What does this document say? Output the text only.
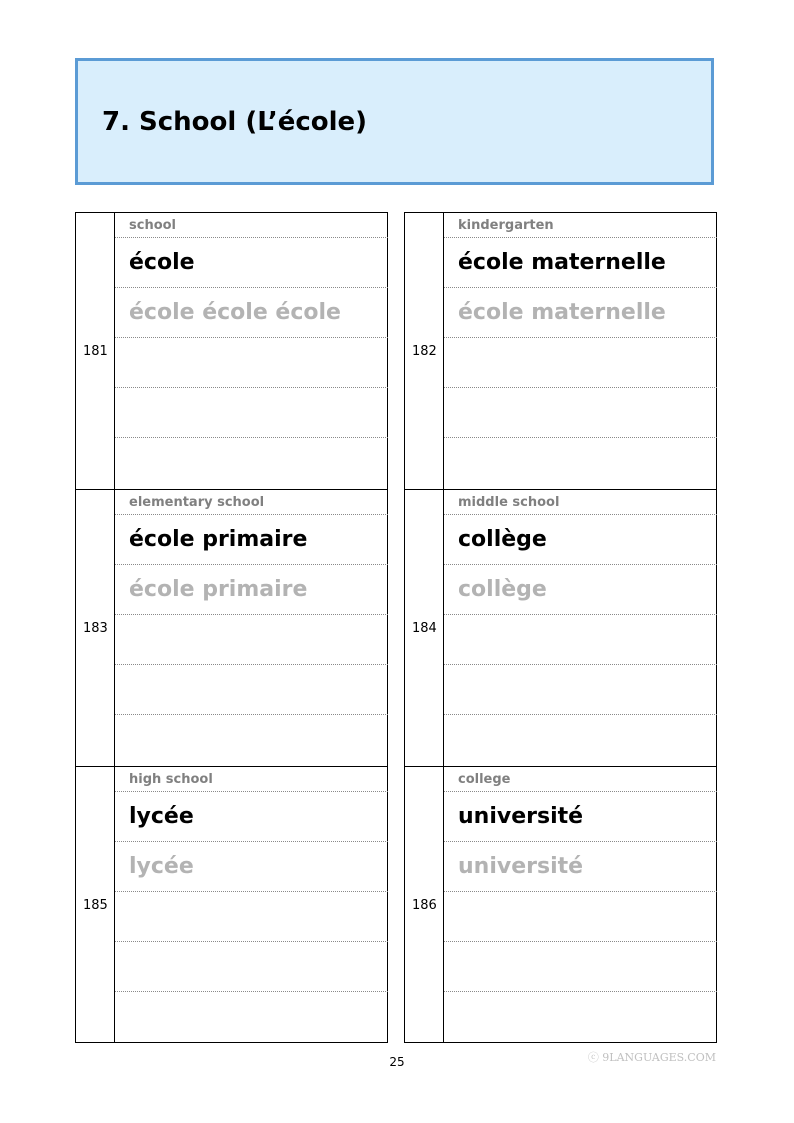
7. School (L’école)

181

school

école

école école école

182

kindergarten

école maternelle

école maternelle

183

elementary school

école primaire

école primaire

184

middle school

collège

collège

185

high school

lycée

lycée

186

college

université

université

25	ⓒ 9LANGUAGES.COM
